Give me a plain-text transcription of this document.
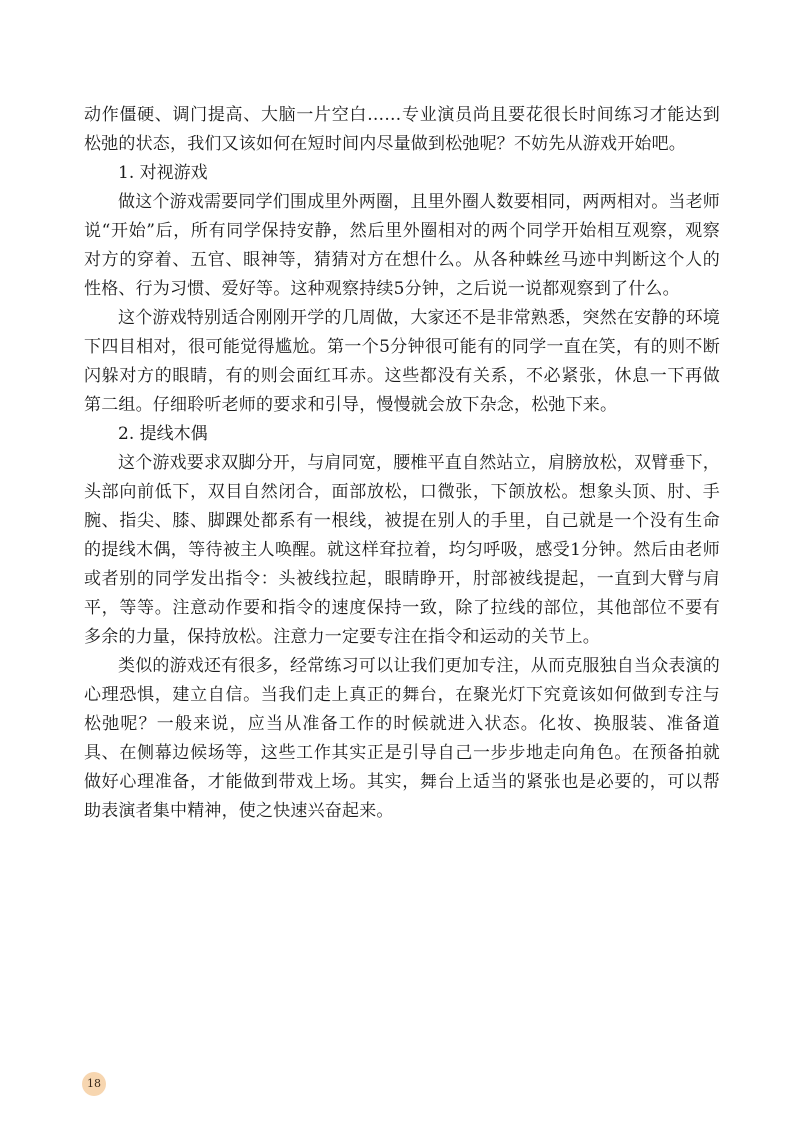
动作僵硬、调门提高、大脑一片空白……专业演员尚且要花很长时间练习才能达到松弛的状态，我们又该如何在短时间内尽量做到松弛呢？不妨先从游戏开始吧。

1. 对视游戏

做这个游戏需要同学们围成里外两圈，且里外圈人数要相同，两两相对。当老师说“开始”后，所有同学保持安静，然后里外圈相对的两个同学开始相互观察，观察对方的穿着、五官、眼神等，猜猜对方在想什么。从各种蛛丝马迹中判断这个人的性格、行为习惯、爱好等。这种观察持续5分钟，之后说一说都观察到了什么。

这个游戏特别适合刚刚开学的几周做，大家还不是非常熟悉，突然在安静的环境下四目相对，很可能觉得尴尬。第一个5分钟很可能有的同学一直在笑，有的则不断闪躲对方的眼睛，有的则会面红耳赤。这些都没有关系，不必紧张，休息一下再做第二组。仔细聆听老师的要求和引导，慢慢就会放下杂念，松弛下来。

2. 提线木偶

这个游戏要求双脚分开，与肩同宽，腰椎平直自然站立，肩膀放松，双臂垂下，头部向前低下，双目自然闭合，面部放松，口微张，下颌放松。想象头顶、肘、手腕、指尖、膝、脚踝处都系有一根线，被提在别人的手里，自己就是一个没有生命的提线木偶，等待被主人唤醒。就这样耷拉着，均匀呼吸，感受1分钟。然后由老师或者别的同学发出指令：头被线拉起，眼睛睁开，肘部被线提起，一直到大臂与肩平，等等。注意动作要和指令的速度保持一致，除了拉线的部位，其他部位不要有多余的力量，保持放松。注意力一定要专注在指令和运动的关节上。

类似的游戏还有很多，经常练习可以让我们更加专注，从而克服独自当众表演的心理恐惧，建立自信。当我们走上真正的舞台，在聚光灯下究竟该如何做到专注与松弛呢？一般来说，应当从准备工作的时候就进入状态。化妆、换服装、准备道具、在侧幕边候场等，这些工作其实正是引导自己一步步地走向角色。在预备拍就做好心理准备，才能做到带戏上场。其实，舞台上适当的紧张也是必要的，可以帮助表演者集中精神，使之快速兴奋起来。

18
